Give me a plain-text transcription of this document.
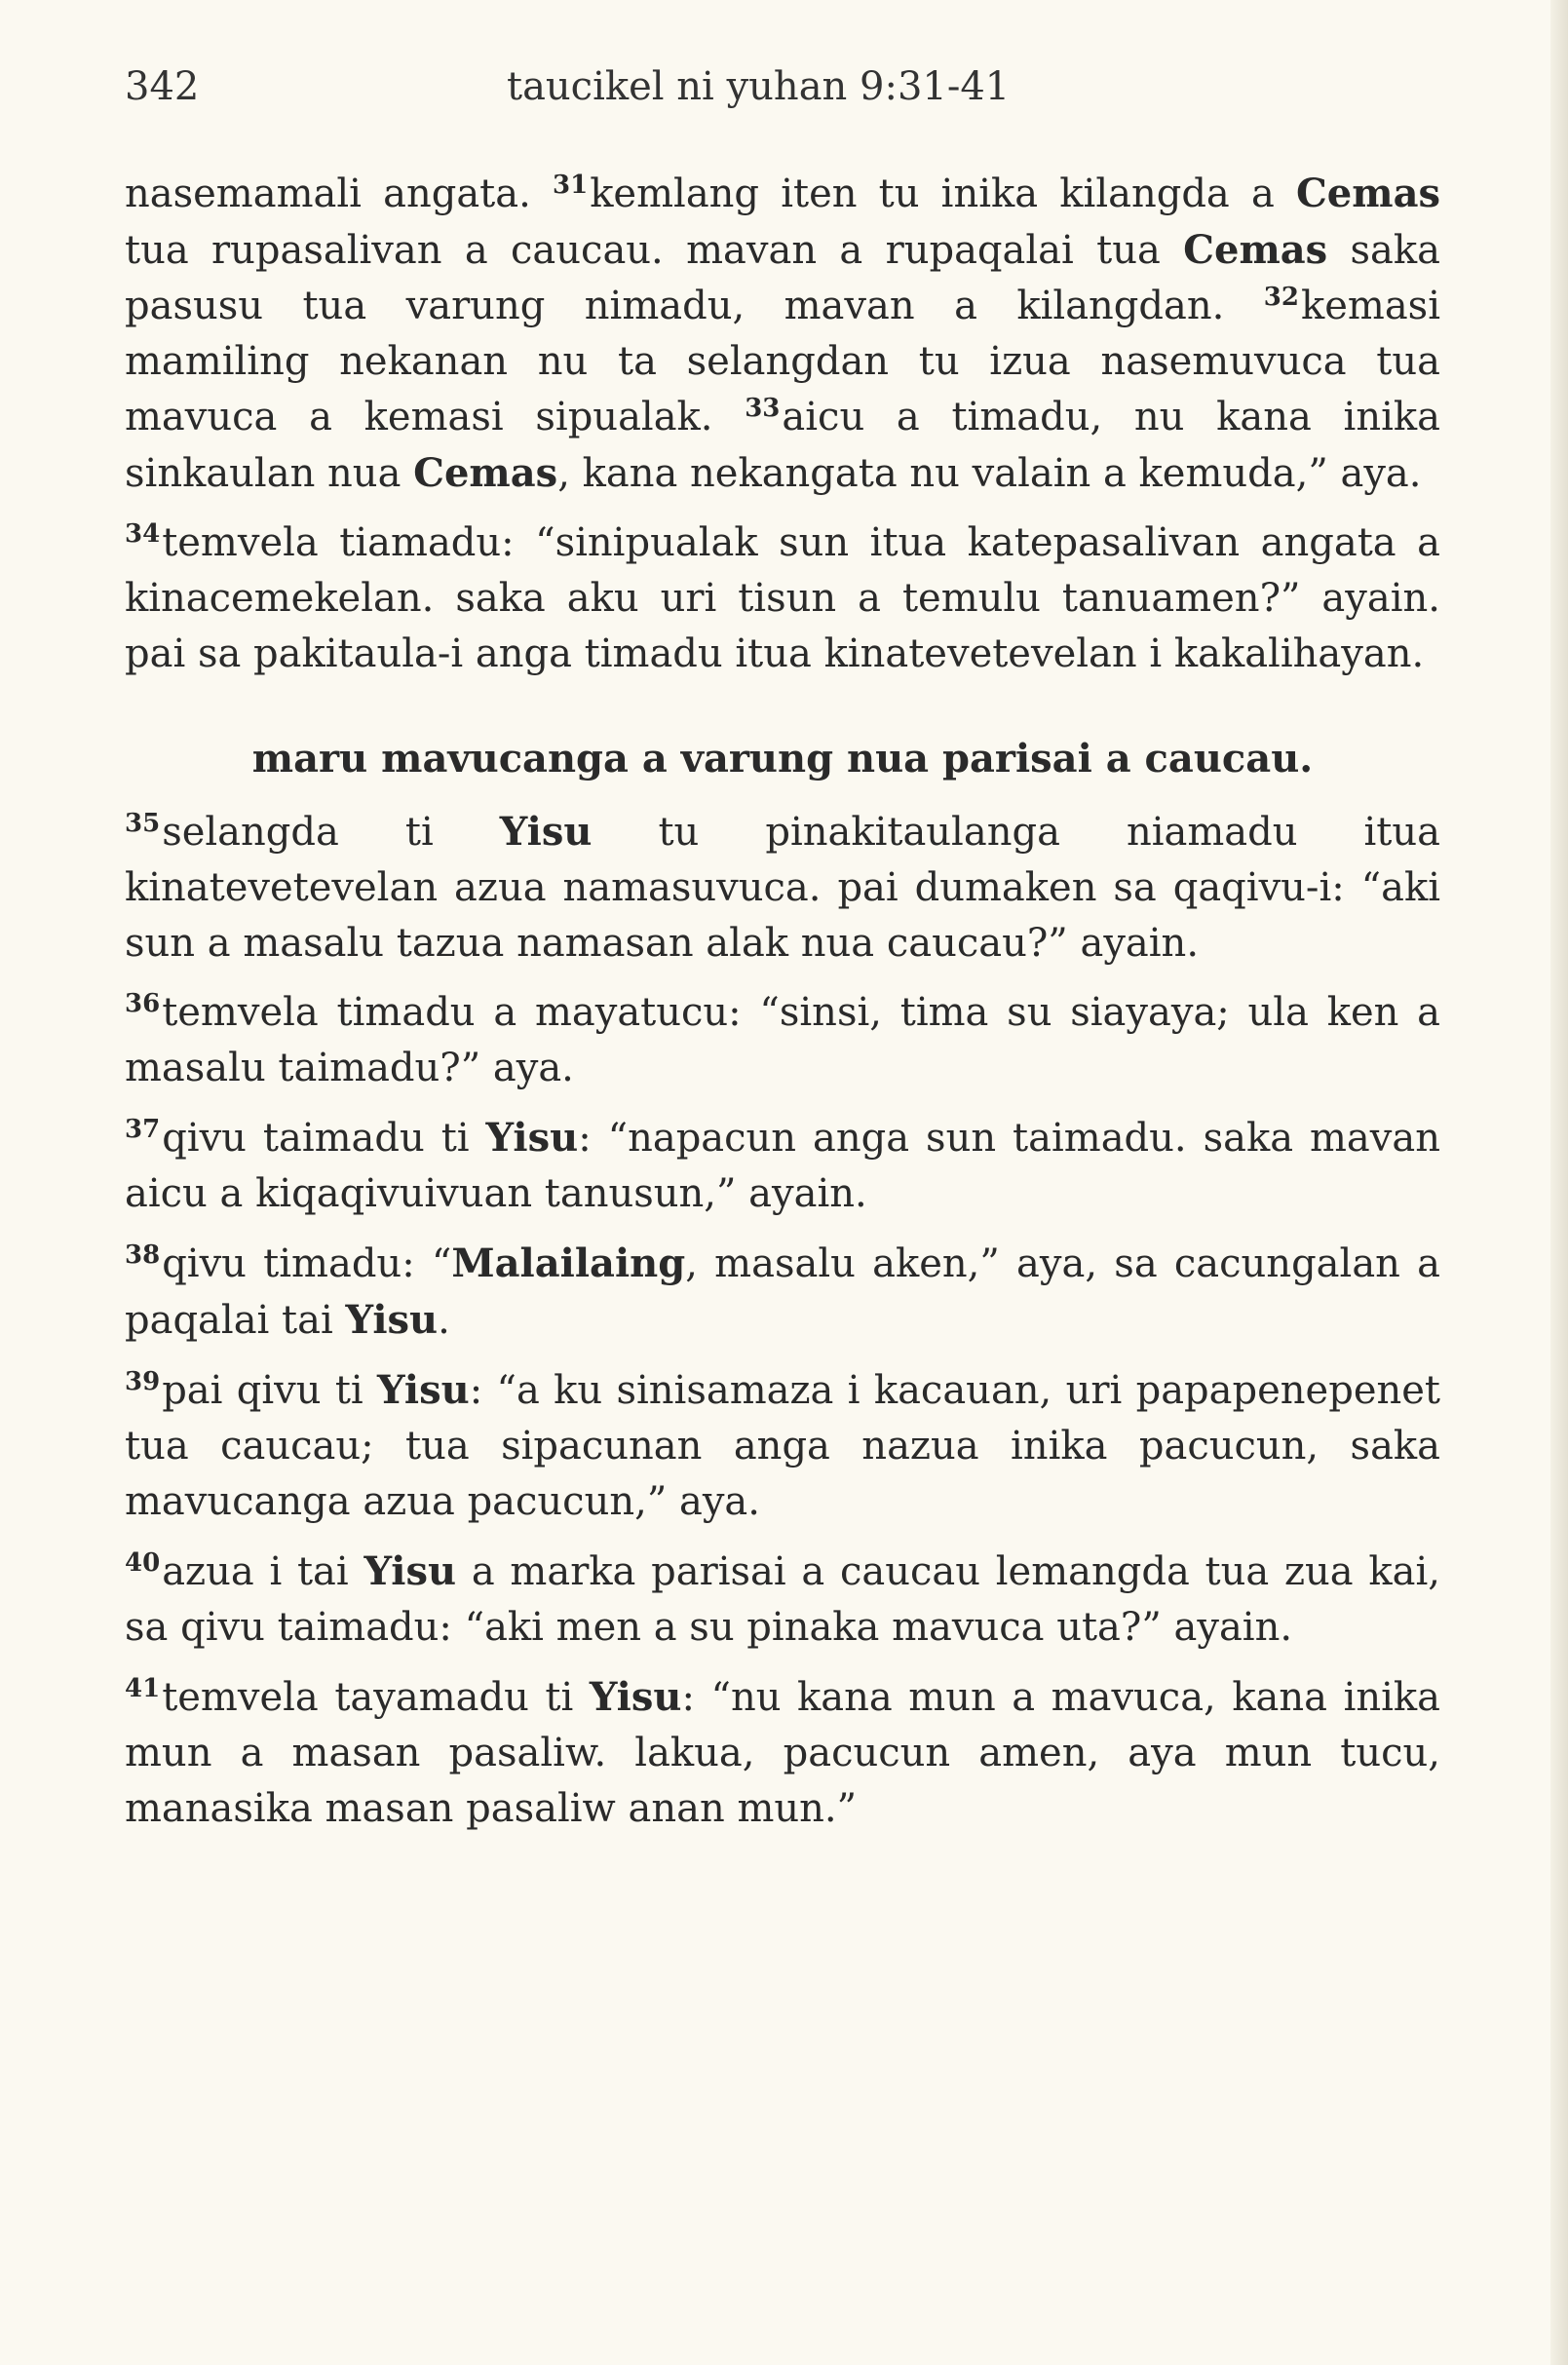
342	taucikel ni yuhan 9:31-41

nasemamali angata. $^{31}$kemlang iten tu inika kilangda a Cemas tua rupasalivan a caucau. mavan a rupaqalai tua Cemas saka pasusu tua varung nimadu, mavan a kilangdan. $^{32}$kemasi mamiling nekanan nu ta selangdan tu izua nasemuvuca tua mavuca a kemasi sipualak. $^{33}$aicu a timadu, nu kana inika sinkaulan nua Cemas, kana nekangata nu valain a kemuda,” aya.

$^{34}$temvela tiamadu: “sinipualak sun itua katepasalivan angata a kinacemekelan. saka aku uri tisun a temulu tanuamen?” ayain. pai sa pakitaula-i anga timadu itua kinatevetevelan i kakalihayan.

maru mavucanga a varung nua parisai a caucau.

$^{35}$selangda ti Yisu tu pinakitaulanga niamadu itua kinatevetevelan azua namasuvuca. pai dumaken sa qaqivu-i: “aki sun a masalu tazua namasan alak nua caucau?” ayain.

$^{36}$temvela timadu a mayatucu: “sinsi, tima su siayaya; ula ken a masalu taimadu?” aya.

$^{37}$qivu taimadu ti Yisu: “napacun anga sun taimadu. saka mavan aicu a kiqaqivuivuan tanusun,” ayain.

$^{38}$qivu timadu: “Malailaing, masalu aken,” aya, sa cacungalan a paqalai tai Yisu.

$^{39}$pai qivu ti Yisu: “a ku sinisamaza i kacauan, uri papapenepenet tua caucau; tua sipacunan anga nazua inika pacucun, saka mavucanga azua pacucun,” aya.

$^{40}$azua i tai Yisu a marka parisai a caucau lemangda tua zua kai, sa qivu taimadu: “aki men a su pinaka mavuca uta?” ayain.

$^{41}$temvela tayamadu ti Yisu: “nu kana mun a mavuca, kana inika mun a masan pasaliw. lakua, pacucun amen, aya mun tucu, manasika masan pasaliw anan mun.”
